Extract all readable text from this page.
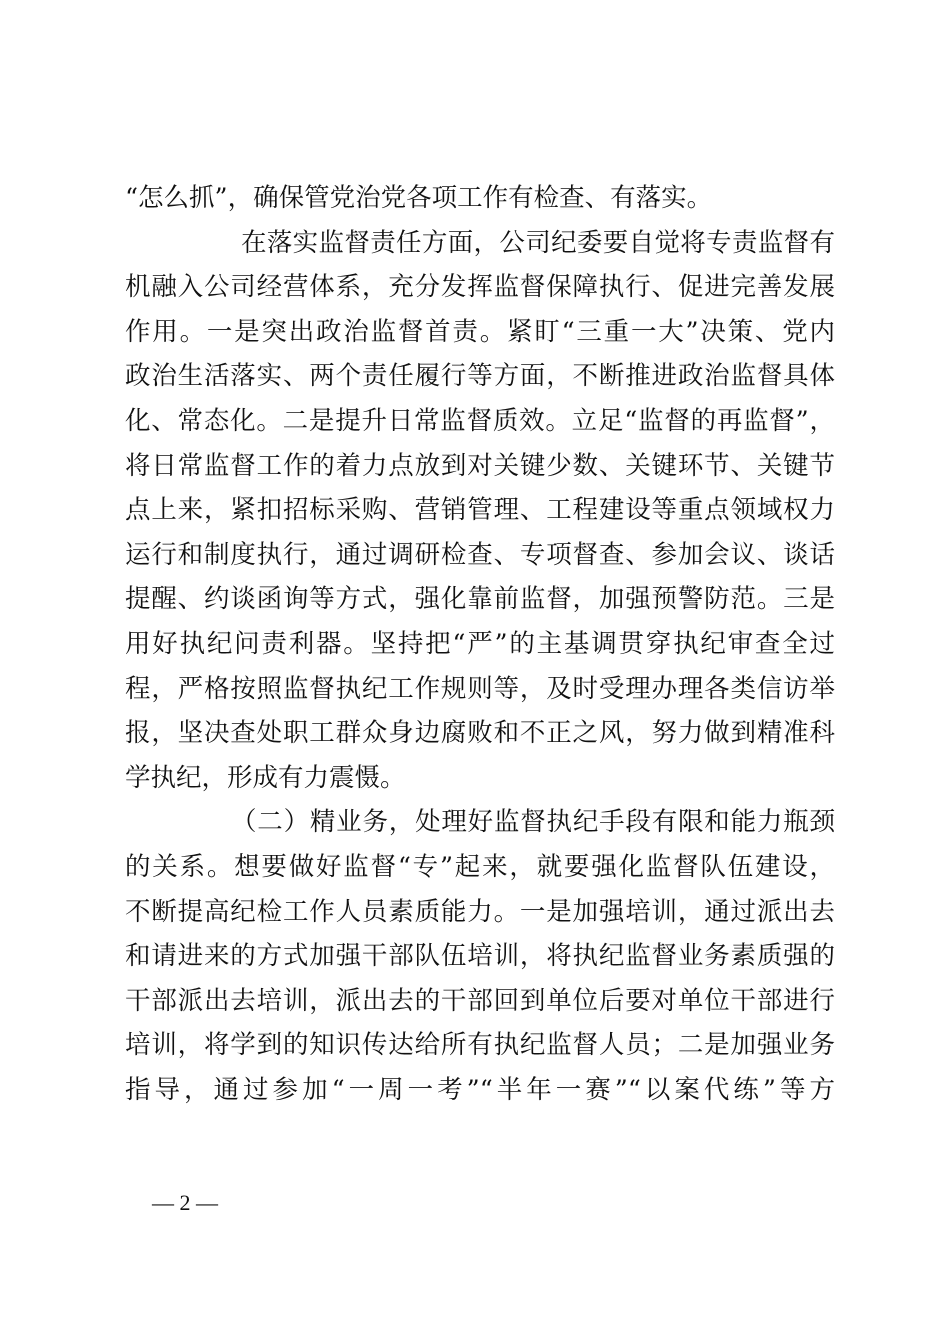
“怎么抓”，确保管党治党各项工作有检查、有落实。
在落实监督责任方面，公司纪委要自觉将专责监督有
机融入公司经营体系，充分发挥监督保障执行、促进完善发展
作用。一是突出政治监督首责。紧盯“三重一大”决策、党内
政治生活落实、两个责任履行等方面，不断推进政治监督具体
化、常态化。二是提升日常监督质效。立足“监督的再监督”，
将日常监督工作的着力点放到对关键少数、关键环节、关键节
点上来，紧扣招标采购、营销管理、工程建设等重点领域权力
运行和制度执行，通过调研检查、专项督查、参加会议、谈话
提醒、约谈函询等方式，强化靠前监督，加强预警防范。三是
用好执纪问责利器。坚持把“严”的主基调贯穿执纪审查全过
程，严格按照监督执纪工作规则等，及时受理办理各类信访举
报，坚决查处职工群众身边腐败和不正之风，努力做到精准科
学执纪，形成有力震慑。
（二）精业务，处理好监督执纪手段有限和能力瓶颈
的关系。想要做好监督“专”起来，就要强化监督队伍建设，
不断提高纪检工作人员素质能力。一是加强培训，通过派出去
和请进来的方式加强干部队伍培训，将执纪监督业务素质强的
干部派出去培训，派出去的干部回到单位后要对单位干部进行
培训，将学到的知识传达给所有执纪监督人员；二是加强业务
指导，通过参加“一周一考”“半年一赛”“以案代练”等方
— 2 —
